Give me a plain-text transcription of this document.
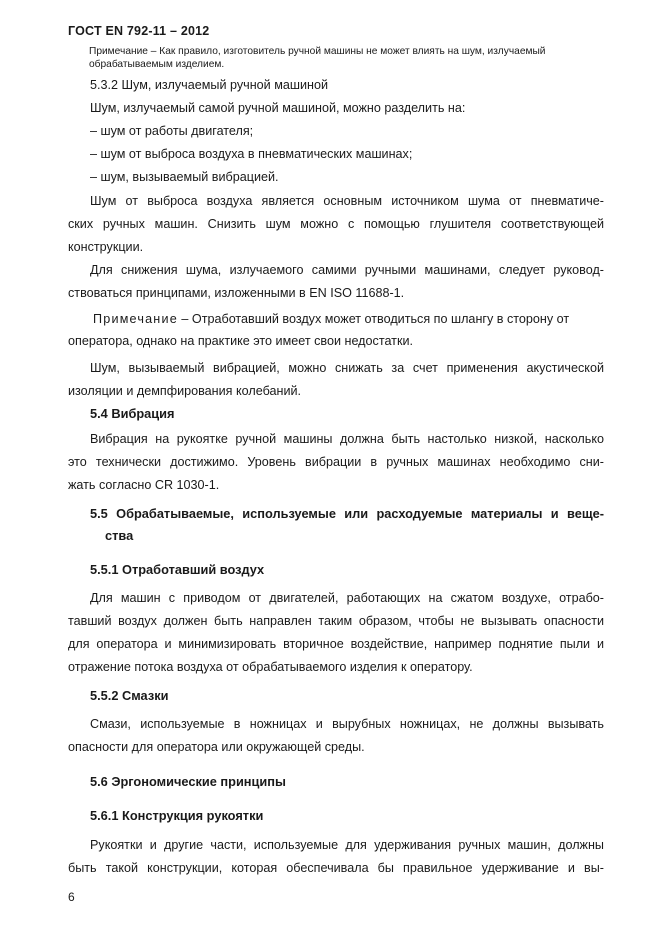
ГОСТ EN 792-11 – 2012
Примечание – Как правило, изготовитель ручной машины не может влиять на шум, излучаемый обрабатываемым изделием.
5.3.2 Шум, излучаемый ручной машиной
Шум, излучаемый самой ручной машиной, можно разделить на:
– шум от работы двигателя;
– шум от выброса воздуха в пневматических машинах;
– шум, вызываемый вибрацией.
Шум от выброса воздуха является основным источником шума от пневматиче-
ских ручных машин. Снизить шум можно с помощью глушителя соответствующей
конструкции.
Для снижения шума, излучаемого самими ручными машинами, следует руковод-
ствоваться принципами, изложенными в EN ISO 11688-1.
Примечание – Отработавший воздух может отводиться по шлангу в сторону от
оператора, однако на практике это имеет свои недостатки.
Шум, вызываемый вибрацией, можно снижать за счет применения акустической
изоляции и демпфирования колебаний.
5.4 Вибрация
Вибрация на рукоятке ручной машины должна быть настолько низкой, насколько
это технически достижимо. Уровень вибрации в ручных машинах необходимо сни-
жать согласно CR 1030-1.
5.5 Обрабатываемые, используемые или расходуемые материалы и веще-
ства
5.5.1 Отработавший воздух
Для машин с приводом от двигателей, работающих на сжатом воздухе, отрабо-
тавший воздух должен быть направлен таким образом, чтобы не вызывать опасности
для оператора и минимизировать вторичное воздействие, например поднятие пыли и
отражение потока воздуха от обрабатываемого изделия к оператору.
5.5.2 Смазки
Смази, используемые в ножницах и вырубных ножницах, не должны вызывать
опасности для оператора или окружающей среды.
5.6 Эргономические принципы
5.6.1 Конструкция рукоятки
Рукоятки и другие части, используемые для удерживания ручных машин, должны
быть такой конструкции, которая обеспечивала бы правильное удерживание и вы-
6
